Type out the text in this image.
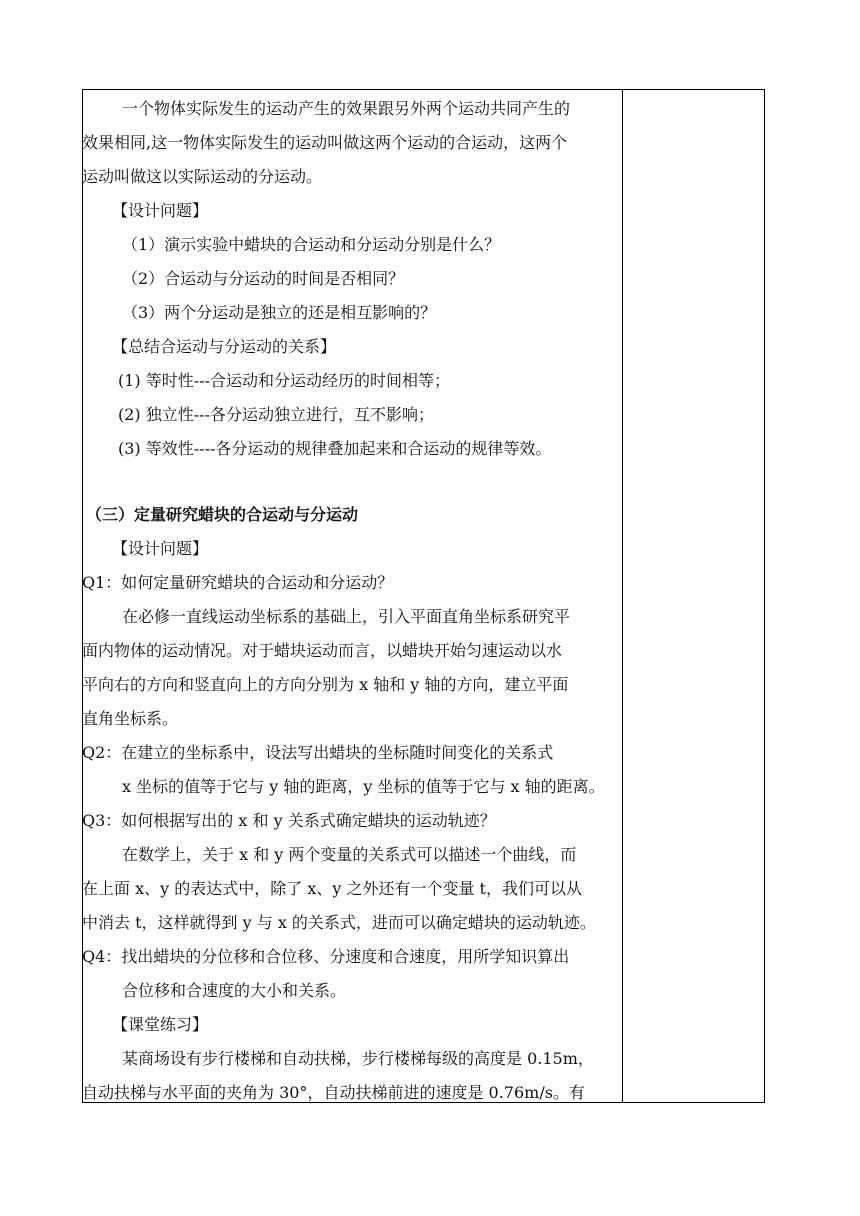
一个物体实际发生的运动产生的效果跟另外两个运动共同产生的
效果相同,这一物体实际发生的运动叫做这两个运动的合运动，这两个
运动叫做这以实际运动的分运动。
【设计问题】
（1）演示实验中蜡块的合运动和分运动分别是什么？
（2）合运动与分运动的时间是否相同？
（3）两个分运动是独立的还是相互影响的？
【总结合运动与分运动的关系】
(1) 等时性---合运动和分运动经历的时间相等；
(2) 独立性---各分运动独立进行，互不影响；
(3) 等效性----各分运动的规律叠加起来和合运动的规律等效。
（三）定量研究蜡块的合运动与分运动
【设计问题】
Q1：如何定量研究蜡块的合运动和分运动？
在必修一直线运动坐标系的基础上，引入平面直角坐标系研究平
面内物体的运动情况。对于蜡块运动而言，以蜡块开始匀速运动以水
平向右的方向和竖直向上的方向分别为 x 轴和 y 轴的方向，建立平面
直角坐标系。
Q2：在建立的坐标系中，设法写出蜡块的坐标随时间变化的关系式
x 坐标的值等于它与 y 轴的距离，y 坐标的值等于它与 x 轴的距离。
Q3：如何根据写出的 x 和 y 关系式确定蜡块的运动轨迹？
在数学上，关于 x 和 y 两个变量的关系式可以描述一个曲线，而
在上面 x、y 的表达式中，除了 x、y 之外还有一个变量 t，我们可以从
中消去 t，这样就得到 y 与 x 的关系式，进而可以确定蜡块的运动轨迹。
Q4：找出蜡块的分位移和合位移、分速度和合速度，用所学知识算出
合位移和合速度的大小和关系。
【课堂练习】
某商场设有步行楼梯和自动扶梯，步行楼梯每级的高度是 0.15m，
自动扶梯与水平面的夹角为 30°，自动扶梯前进的速度是 0.76m/s。有
